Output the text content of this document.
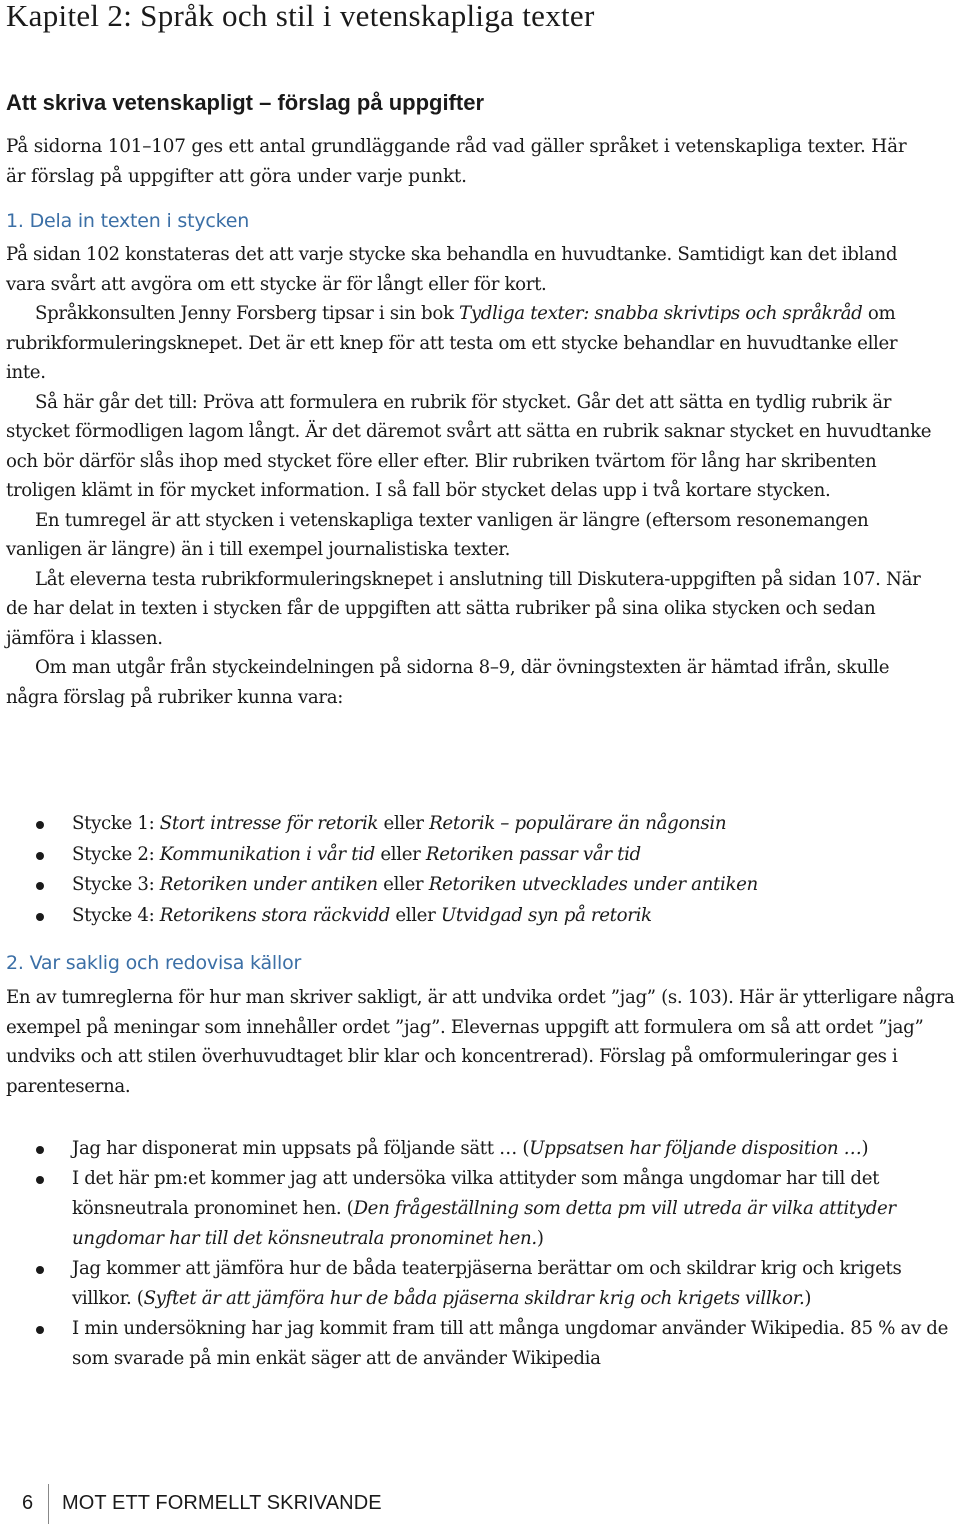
Kapitel 2: Språk och stil i vetenskapliga texter
Att skriva vetenskapligt – förslag på uppgifter

På sidorna 101–107 ges ett antal grundläggande råd vad gäller språket i vetenskapliga texter. Här är förslag på uppgifter att göra under varje punkt.

1. Dela in texten i stycken

På sidan 102 konstateras det att varje stycke ska behandla en huvudtanke. Samtidigt kan det ibland vara svårt att avgöra om ett stycke är för långt eller för kort.

Språkkonsulten Jenny Forsberg tipsar i sin bok Tydliga texter: snabba skrivtips och språkråd om rubrikformuleringsknepet. Det är ett knep för att testa om ett stycke behandlar en huvudtanke eller inte.

Så här går det till: Pröva att formulera en rubrik för stycket. Går det att sätta en tydlig rubrik är stycket förmodligen lagom långt. Är det däremot svårt att sätta en rubrik saknar stycket en huvudtanke och bör därför slås ihop med stycket före eller efter. Blir rubriken tvärtom för lång har skribenten troligen klämt in för mycket information. I så fall bör stycket delas upp i två kortare stycken.

En tumregel är att stycken i vetenskapliga texter vanligen är längre (eftersom resonemangen vanligen är längre) än i till exempel journalistiska texter.

Låt eleverna testa rubrikformuleringsknepet i anslutning till Diskutera-uppgiften på sidan 107. När de har delat in texten i stycken får de uppgiften att sätta rubriker på sina olika stycken och sedan jämföra i klassen.

Om man utgår från styckeindelningen på sidorna 8–9, där övningstexten är hämtad ifrån, skulle några förslag på rubriker kunna vara:

Stycke 1: Stort intresse för retorik eller Retorik – populärare än någonsin
Stycke 2: Kommunikation i vår tid eller Retoriken passar vår tid
Stycke 3: Retoriken under antiken eller Retoriken utvecklades under antiken
Stycke 4: Retorikens stora räckvidd eller Utvidgad syn på retorik
2. Var saklig och redovisa källor

En av tumreglerna för hur man skriver sakligt, är att undvika ordet ”jag” (s. 103). Här är ytterligare några exempel på meningar som innehåller ordet ”jag”. Elevernas uppgift att formulera om så att ordet ”jag” undviks och att stilen överhuvudtaget blir klar och koncentrerad). Förslag på omformuleringar ges i parenteserna.

Jag har disponerat min uppsats på följande sätt … (Uppsatsen har följande disposition …)
I det här pm:et kommer jag att undersöka vilka attityder som många ungdomar har till det könsneutrala pronominet hen. (Den frågeställning som detta pm vill utreda är vilka attityder ungdomar har till det könsneutrala pronominet hen.)
Jag kommer att jämföra hur de båda teaterpjäserna berättar om och skildrar krig och krigets villkor. (Syftet är att jämföra hur de båda pjäserna skildrar krig och krigets villkor.)
I min undersökning har jag kommit fram till att många ungdomar använder Wikipedia. 85 % av de som svarade på min enkät säger att de använder Wikipedia
6 MOT ETT FORMELLT SKRIVANDE
